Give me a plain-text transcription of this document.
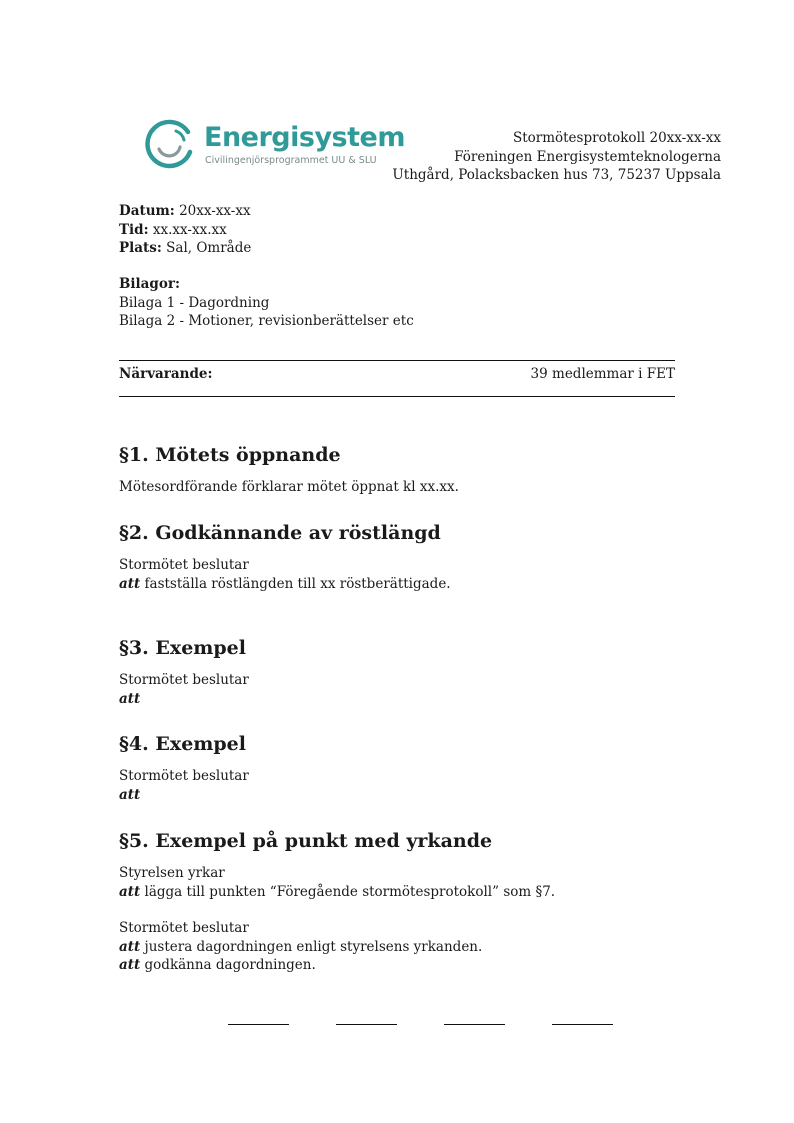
Energisystem
Civilingenjörsprogrammet UU & SLU
Stormötesprotokoll 20xx-xx-xx
Föreningen Energisystemteknologerna
Uthgård, Polacksbacken hus 73, 75237 Uppsala
Datum: 20xx-xx-xx
Tid: xx.xx-xx.xx
Plats: Sal, Område
Bilagor:
Bilaga 1 - Dagordning
Bilaga 2 - Motioner, revisionberättelser etc
Närvarande:	39 medlemmar i FET
§1. Mötets öppnande
Mötesordförande förklarar mötet öppnat kl xx.xx.
§2. Godkännande av röstlängd
Stormötet beslutar
att fastställa röstlängden till xx röstberättigade.
§3. Exempel
Stormötet beslutar
att
§4. Exempel
Stormötet beslutar
att
§5. Exempel på punkt med yrkande
Styrelsen yrkar
att lägga till punkten “Föregående stormötesprotokoll” som §7.
Stormötet beslutar
att justera dagordningen enligt styrelsens yrkanden.
att godkänna dagordningen.
